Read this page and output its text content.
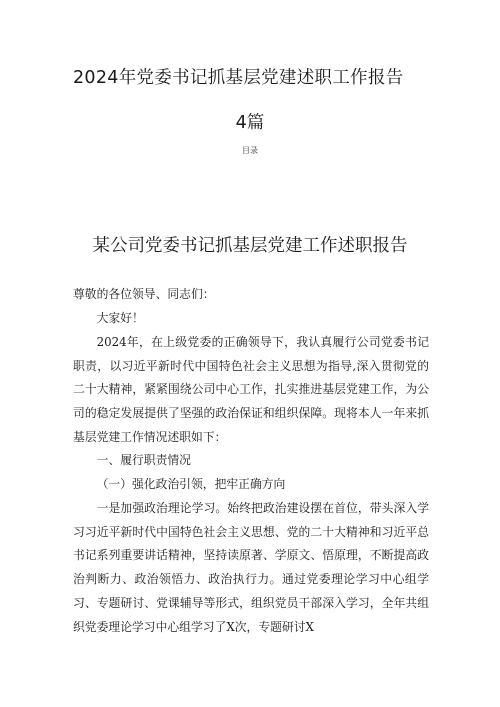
2024年党委书记抓基层党建述职工作报告
4篇
目录
某公司党委书记抓基层党建工作述职报告
尊敬的各位领导、同志们：
大家好！
2024年，在上级党委的正确领导下，我认真履行公司党委书记职责，以习近平新时代中国特色社会主义思想为指导,深入贯彻党的二十大精神，紧紧围绕公司中心工作，扎实推进基层党建工作，为公司的稳定发展提供了坚强的政治保证和组织保障。现将本人一年来抓基层党建工作情况述职如下：
一、履行职责情况
（一）强化政治引领，把牢正确方向
一是加强政治理论学习。始终把政治建设摆在首位，带头深入学习习近平新时代中国特色社会主义思想、党的二十大精神和习近平总书记系列重要讲话精神，坚持读原著、学原文、悟原理，不断提高政治判断力、政治领悟力、政治执行力。通过党委理论学习中心组学习、专题研讨、党课辅导等形式，组织党员干部深入学习，全年共组织党委理论学习中心组学习了X次，专题研讨X
